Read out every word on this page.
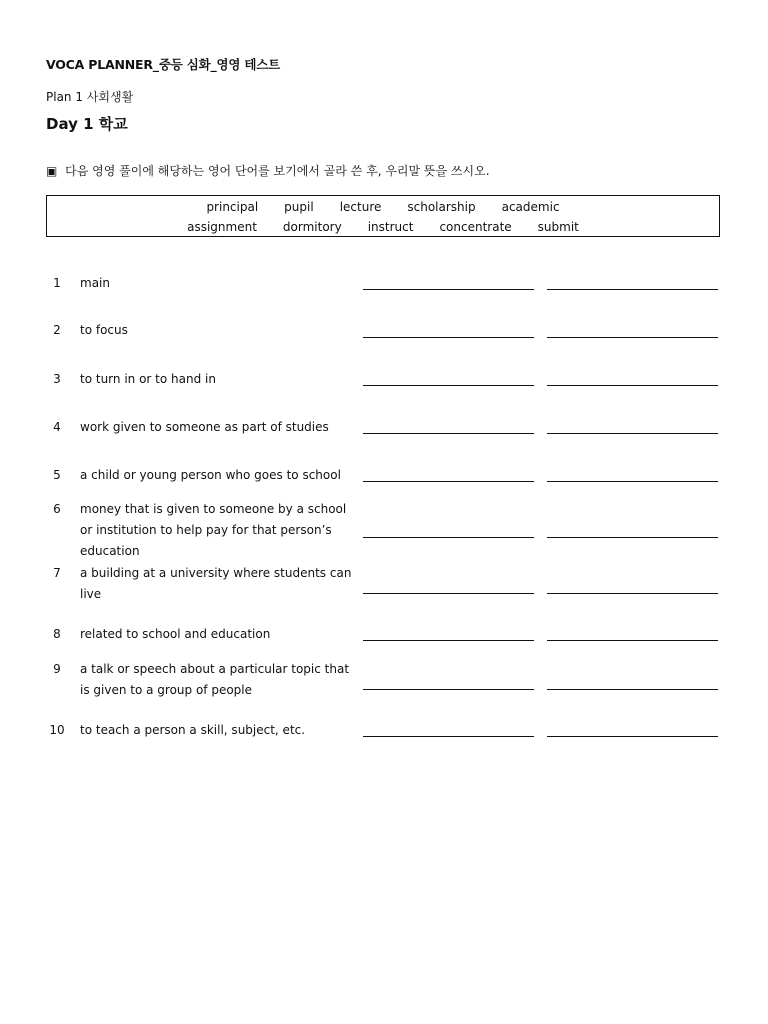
VOCA PLANNER_중등 심화_영영 테스트
Plan 1 사회생활
Day 1 학교
▣ 다음 영영 풀이에 해당하는 영어 단어를 보기에서 골라 쓴 후, 우리말 뜻을 쓰시오.
principal pupil lecture scholarship academic
assignment dormitory instruct concentrate submit
1	main
2	to focus
3	to turn in or to hand in
4	work given to someone as part of studies
5	a child or young person who goes to school
6	money that is given to someone by a school or institution to help pay for that person’s education
7	a building at a university where students can live
8	related to school and education
9	a talk or speech about a particular topic that is given to a group of people
10 to teach a person a skill, subject, etc.
